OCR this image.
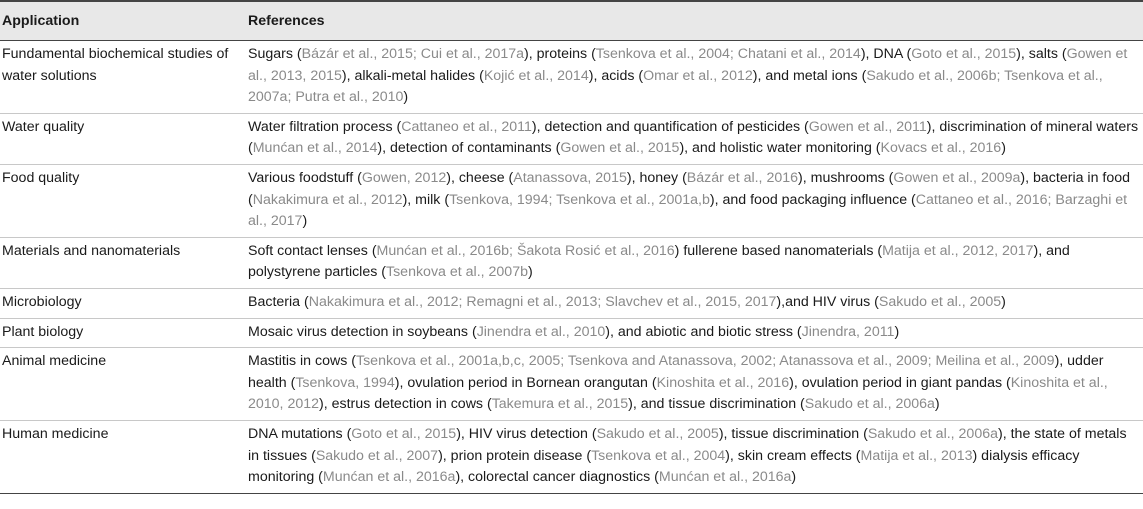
Application	References
Fundamental biochemical studies of water solutions	Sugars (Bázár et al., 2015; Cui et al., 2017a), proteins (Tsenkova et al., 2004; Chatani et al., 2014), DNA (Goto et al., 2015), salts (Gowen et al., 2013, 2015), alkali-metal halides (Kojić et al., 2014), acids (Omar et al., 2012), and metal ions (Sakudo et al., 2006b; Tsenkova et al., 2007a; Putra et al., 2010)
Water quality	Water filtration process (Cattaneo et al., 2011), detection and quantification of pesticides (Gowen et al., 2011), discrimination of mineral waters (Munćan et al., 2014), detection of contaminants (Gowen et al., 2015), and holistic water monitoring (Kovacs et al., 2016)
Food quality	Various foodstuff (Gowen, 2012), cheese (Atanassova, 2015), honey (Bázár et al., 2016), mushrooms (Gowen et al., 2009a), bacteria in food (Nakakimura et al., 2012), milk (Tsenkova, 1994; Tsenkova et al., 2001a,b), and food packaging influence (Cattaneo et al., 2016; Barzaghi et al., 2017)
Materials and nanomaterials	Soft contact lenses (Munćan et al., 2016b; Šakota Rosić et al., 2016) fullerene based nanomaterials (Matija et al., 2012, 2017), and polystyrene particles (Tsenkova et al., 2007b)
Microbiology	Bacteria (Nakakimura et al., 2012; Remagni et al., 2013; Slavchev et al., 2015, 2017),and HIV virus (Sakudo et al., 2005)
Plant biology	Mosaic virus detection in soybeans (Jinendra et al., 2010), and abiotic and biotic stress (Jinendra, 2011)
Animal medicine	Mastitis in cows (Tsenkova et al., 2001a,b,c, 2005; Tsenkova and Atanassova, 2002; Atanassova et al., 2009; Meilina et al., 2009), udder health (Tsenkova, 1994), ovulation period in Bornean orangutan (Kinoshita et al., 2016), ovulation period in giant pandas (Kinoshita et al., 2010, 2012), estrus detection in cows (Takemura et al., 2015), and tissue discrimination (Sakudo et al., 2006a)
Human medicine	DNA mutations (Goto et al., 2015), HIV virus detection (Sakudo et al., 2005), tissue discrimination (Sakudo et al., 2006a), the state of metals in tissues (Sakudo et al., 2007), prion protein disease (Tsenkova et al., 2004), skin cream effects (Matija et al., 2013) dialysis efficacy monitoring (Munćan et al., 2016a), colorectal cancer diagnostics (Munćan et al., 2016a)
